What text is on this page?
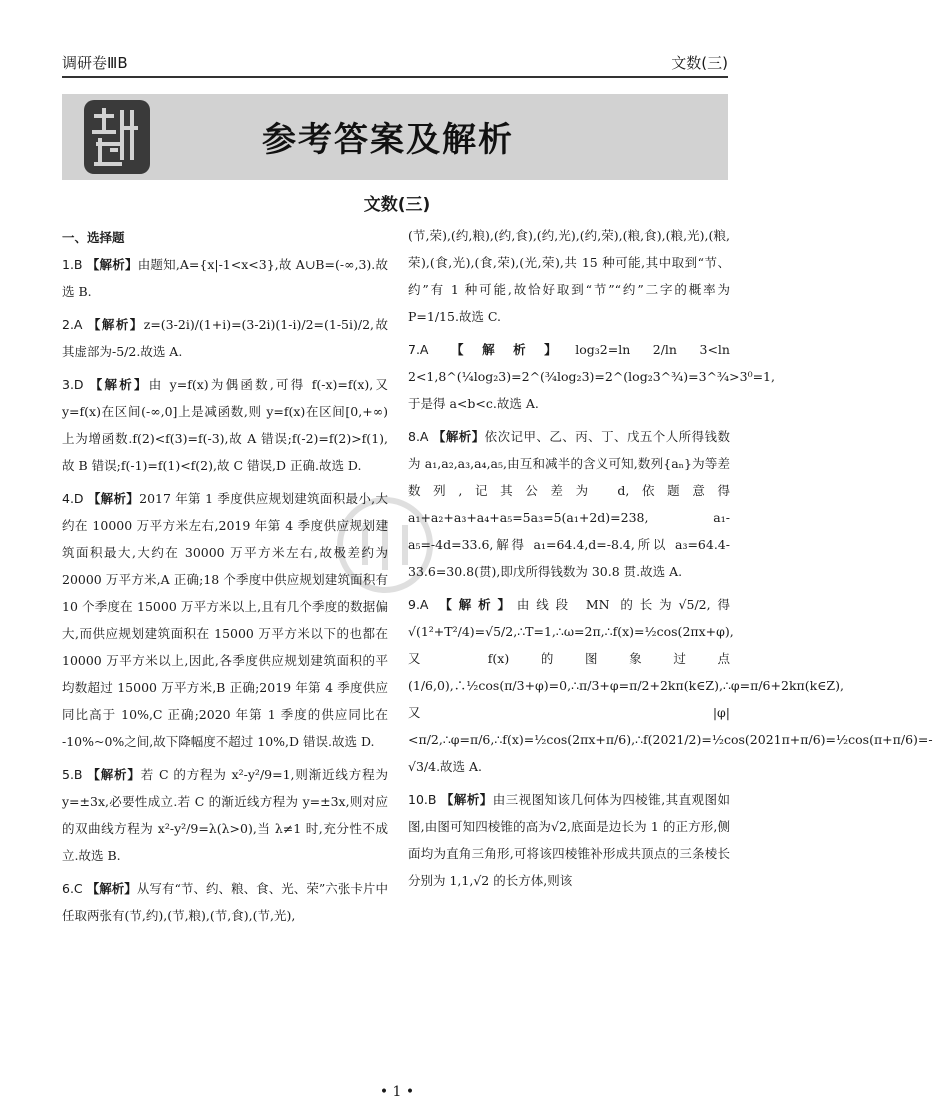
调研卷ⅢB	文数(三)
参考答案及解析
文数(三)
一、选择题
1.B 【解析】由题知,A={x|-1<x<3},故 A∪B=(-∞,3).故选 B.
2.A 【解析】z=(3-2i)/(1+i)=(3-2i)(1-i)/2=(1-5i)/2,故其虚部为-5/2.故选 A.
3.D 【解析】由 y=f(x)为偶函数,可得 f(-x)=f(x),又 y=f(x)在区间(-∞,0]上是减函数,则 y=f(x)在区间[0,+∞)上为增函数.f(2)<f(3)=f(-3),故 A 错误;f(-2)=f(2)>f(1),故 B 错误;f(-1)=f(1)<f(2),故 C 错误,D 正确.故选 D.
4.D 【解析】2017 年第 1 季度供应规划建筑面积最小,大约在 10000 万平方米左右,2019 年第 4 季度供应规划建筑面积最大,大约在 30000 万平方米左右,故极差约为 20000 万平方米,A 正确;18 个季度中供应规划建筑面积有 10 个季度在 15000 万平方米以上,且有几个季度的数据偏大,而供应规划建筑面积在 15000 万平方米以下的也都在 10000 万平方米以上,因此,各季度供应规划建筑面积的平均数超过 15000 万平方米,B 正确;2019 年第 4 季度供应同比高于 10%,C 正确;2020 年第 1 季度的供应同比在 -10%~0%之间,故下降幅度不超过 10%,D 错误.故选 D.
5.B 【解析】若 C 的方程为 x²-y²/9=1,则渐近线方程为 y=±3x,必要性成立.若 C 的渐近线方程为 y=±3x,则对应的双曲线方程为 x²-y²/9=λ(λ>0),当 λ≠1 时,充分性不成立.故选 B.
6.C 【解析】从写有“节、约、粮、食、光、荣”六张卡片中任取两张有(节,约),(节,粮),(节,食),(节,光),
(节,荣),(约,粮),(约,食),(约,光),(约,荣),(粮,食),(粮,光),(粮,荣),(食,光),(食,荣),(光,荣),共 15 种可能,其中取到“节、约”有 1 种可能,故恰好取到“节”“约”二字的概率为 P=1/15.故选 C.
7.A 【解析】log₃2=ln 2/ln 3<ln 2<1,8^(¼log₂3)=2^(¾log₂3)=2^(log₂3^¾)=3^¾>3⁰=1,于是得 a<b<c.故选 A.
8.A 【解析】依次记甲、乙、丙、丁、戊五个人所得钱数为 a₁,a₂,a₃,a₄,a₅,由互和减半的含义可知,数列{aₙ}为等差数列,记其公差为 d,依题意得 a₁+a₂+a₃+a₄+a₅=5a₃=5(a₁+2d)=238, a₁-a₅=-4d=33.6,解得 a₁=64.4,d=-8.4,所以 a₃=64.4-33.6=30.8(贯),即戊所得钱数为 30.8 贯.故选 A.
9.A 【解析】由线段 MN 的长为√5/2,得√(1²+T²/4)=√5/2,∴T=1,∴ω=2π,∴f(x)=½cos(2πx+φ),又 f(x)的图象过点(1/6,0),∴½cos(π/3+φ)=0,∴π/3+φ=π/2+2kπ(k∈Z),∴φ=π/6+2kπ(k∈Z),又|φ|<π/2,∴φ=π/6,∴f(x)=½cos(2πx+π/6),∴f(2021/2)=½cos(2021π+π/6)=½cos(π+π/6)=-√3/4.故选 A.
10.B 【解析】由三视图知该几何体为四棱锥,其直观图如图,由图可知四棱锥的高为√2,底面是边长为 1 的正方形,侧面均为直角三角形,可将该四棱锥补形成共顶点的三条棱长分别为 1,1,√2 的长方体,则该
• 1 •
